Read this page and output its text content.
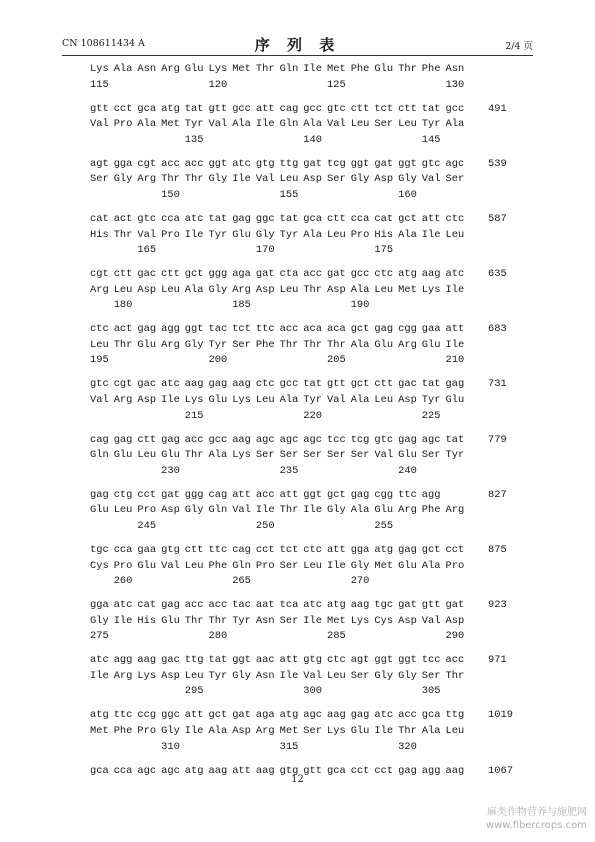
CN 108611434 A	序 列 表	2/4 页
Lys Ala Asn Arg Glu Lys Met Thr Gln Ile Met Phe Glu Thr Phe Asn
115	120	125	130
gtt cct gca atg tat gtt gcc att cag gcc gtc ctt tct ctt tat gcc 491
Val Pro Ala Met Tyr Val Ala Ile Gln Ala Val Leu Ser Leu Tyr Ala
135	140	145
agt gga cgt acc acc ggt atc gtg ttg gat tcg ggt gat ggt gtc agc 539
Ser Gly Arg Thr Thr Gly Ile Val Leu Asp Ser Gly Asp Gly Val Ser
150	155	160
cat act gtc cca atc tat gag ggc tat gca ctt cca cat gct att ctc 587
His Thr Val Pro Ile Tyr Glu Gly Tyr Ala Leu Pro His Ala Ile Leu
165	170	175
cgt ctt gac ctt gct ggg aga gat cta acc gat gcc ctc atg aag atc 635
Arg Leu Asp Leu Ala Gly Arg Asp Leu Thr Asp Ala Leu Met Lys Ile
180	185	190
ctc act gag agg ggt tac tct ttc acc aca aca gct gag cgg gaa att 683
Leu Thr Glu Arg Gly Tyr Ser Phe Thr Thr Thr Ala Glu Arg Glu Ile
195	200	205	210
gtc cgt gac atc aag gag aag ctc gcc tat gtt gct ctt gac tat gag 731
Val Arg Asp Ile Lys Glu Lys Leu Ala Tyr Val Ala Leu Asp Tyr Glu
215	220	225
cag gag ctt gag acc gcc aag agc agc agc tcc tcg gtc gag agc tat 779
Gln Glu Leu Glu Thr Ala Lys Ser Ser Ser Ser Ser Val Glu Ser Tyr
230	235	240
gag ctg cct gat ggg cag att acc att ggt gct gag cgg ttc agg	827
Glu Leu Pro Asp Gly Gln Val Ile Thr Ile Gly Ala Glu Arg Phe Arg
245	250	255
tgc cca gaa gtg ctt ttc cag cct tct ctc att gga atg gag gct cct 875
Cys Pro Glu Val Leu Phe Gln Pro Ser Leu Ile Gly Met Glu Ala Pro
260	265	270
gga atc cat gag acc acc tac aat tca atc atg aag tgc gat gtt gat 923
Gly Ile His Glu Thr Thr Tyr Asn Ser Ile Met Lys Cys Asp Val Asp
275	280	285	290
atc agg aag gac ttg tat ggt aac att gtg ctc agt ggt ggt tcc acc 971
Ile Arg Lys Asp Leu Tyr Gly Asn Ile Val Leu Ser Gly Gly Ser Thr
295	300	305
atg ttc ccg ggc att gct gat aga atg agc aag gag atc acc gca ttg 1019
Met Phe Pro Gly Ile Ala Asp Arg Met Ser Lys Glu Ile Thr Ala Leu
310	315	320
gca cca agc agc atg aag att aag gtg gtt gca cct cct gag agg aag 1067
12
麻类作物营养与施肥网
www.fibercrops.com
